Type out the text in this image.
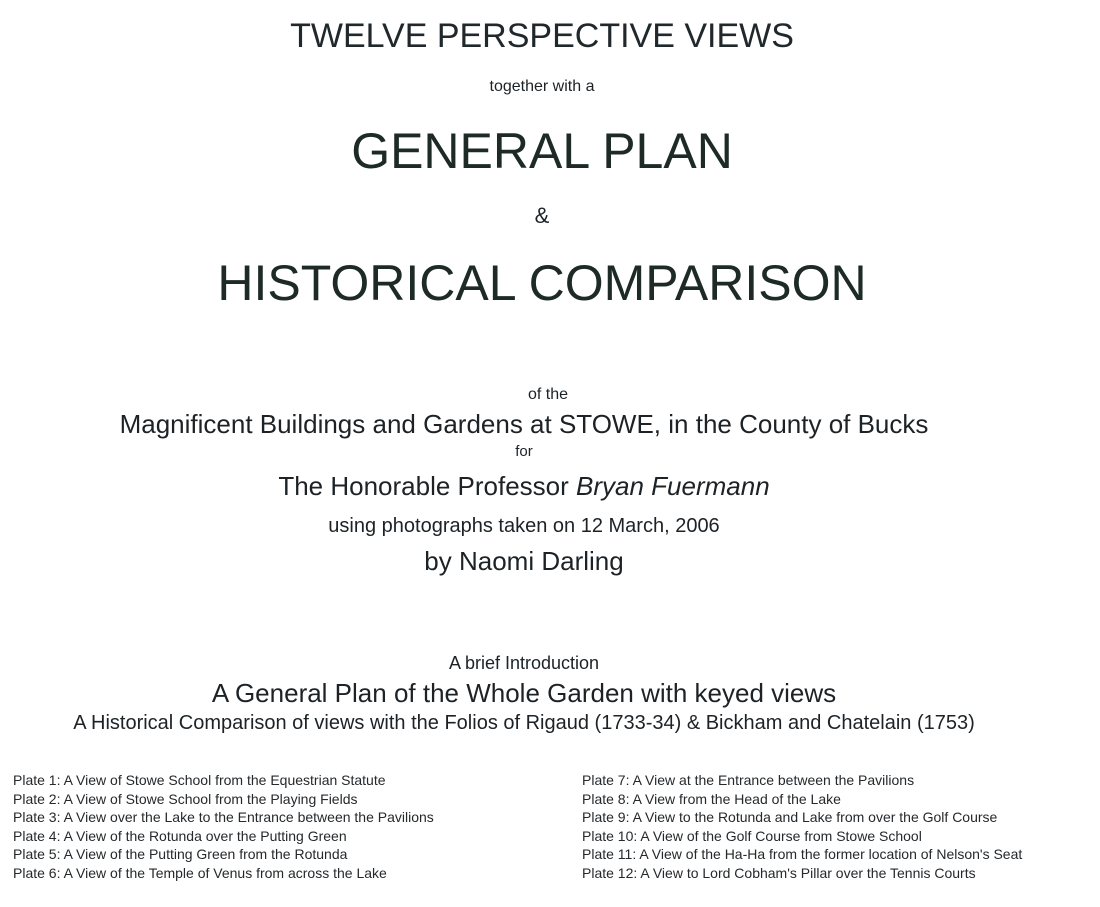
TWELVE PERSPECTIVE VIEWS
together with a
GENERAL PLAN
&
HISTORICAL COMPARISON
of the
Magnificent Buildings and Gardens at STOWE, in the County of Bucks
for
The Honorable Professor Bryan Fuermann
using photographs taken on 12 March, 2006
by Naomi Darling
A brief Introduction
A General Plan of the Whole Garden with keyed views
A Historical Comparison of views with the Folios of Rigaud (1733-34) & Bickham and Chatelain (1753)
Plate 1: A View of Stowe School from the Equestrian Statute
Plate 2: A View of Stowe School from the Playing Fields
Plate 3: A View over the Lake to the Entrance between the Pavilions
Plate 4: A View of the Rotunda over the Putting Green
Plate 5: A View of the Putting Green from the Rotunda
Plate 6: A View of the Temple of Venus from across the Lake
Plate 7: A View at the Entrance between the Pavilions
Plate 8: A View from the Head of the Lake
Plate 9: A View to the Rotunda and Lake from over the Golf Course
Plate 10: A View of the Golf Course from Stowe School
Plate 11: A View of the Ha-Ha from the former location of Nelson's Seat
Plate 12: A View to Lord Cobham's Pillar over the Tennis Courts
